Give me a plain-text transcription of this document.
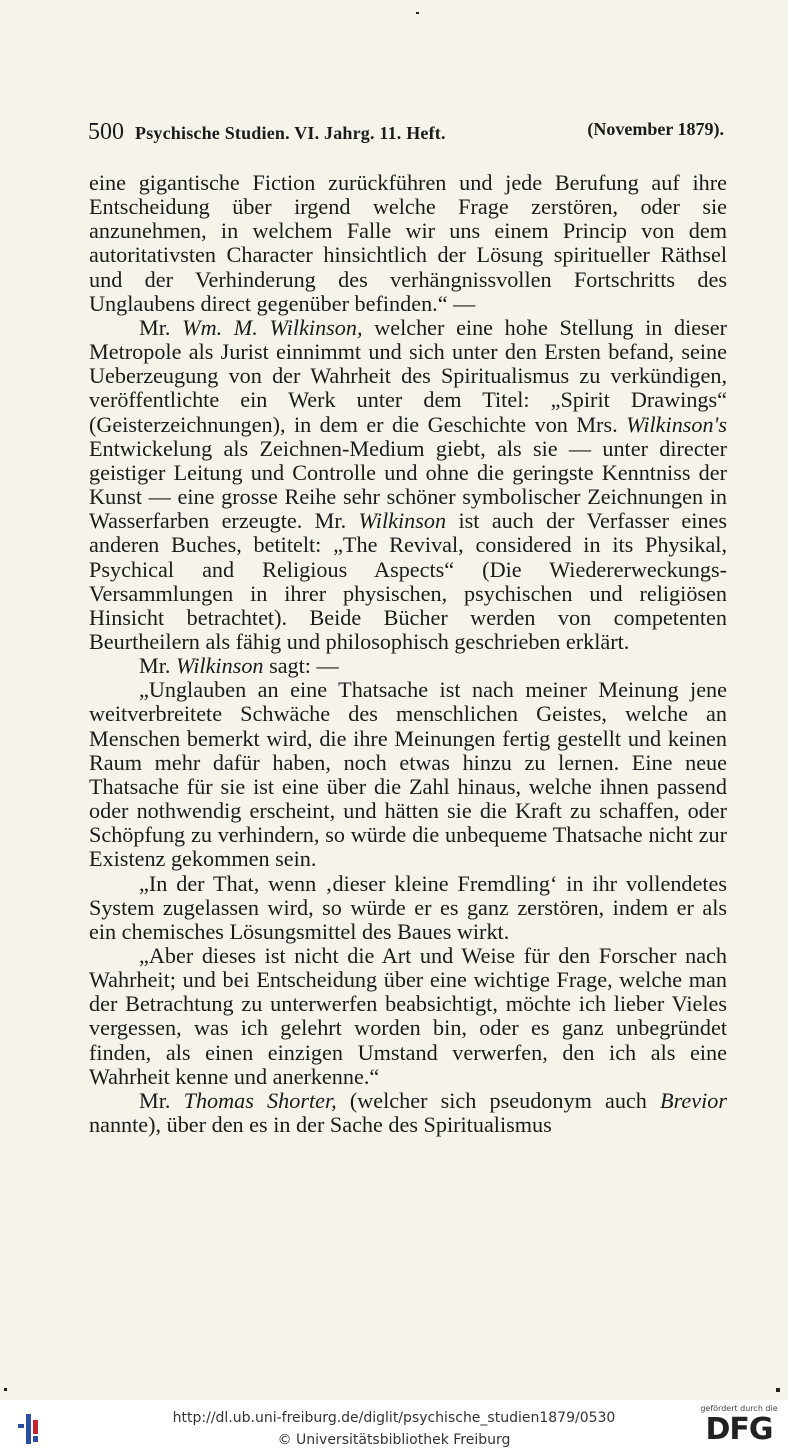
500 Psychische Studien. VI. Jahrg. 11. Heft.	(November 1879).

eine gigantische Fiction zurückführen und jede Berufung auf ihre Entscheidung über irgend welche Frage zerstören, oder sie anzunehmen, in welchem Falle wir uns einem Princip von dem autoritativsten Character hinsichtlich der Lösung spiritueller Räthsel und der Verhinderung des verhängnissvollen Fortschritts des Unglaubens direct gegenüber befinden.“ —

Mr. Wm. M. Wilkinson, welcher eine hohe Stellung in dieser Metropole als Jurist einnimmt und sich unter den Ersten befand, seine Ueberzeugung von der Wahrheit des Spiritualismus zu verkündigen, veröffentlichte ein Werk unter dem Titel: „Spirit Drawings“ (Geisterzeichnungen), in dem er die Geschichte von Mrs. Wilkinson's Entwickelung als Zeichnen-Medium giebt, als sie — unter directer geistiger Leitung und Controlle und ohne die geringste Kenntniss der Kunst — eine grosse Reihe sehr schöner symbolischer Zeichnungen in Wasserfarben erzeugte. Mr. Wilkinson ist auch der Verfasser eines anderen Buches, betitelt: „The Revival, considered in its Physikal, Psychical and Religious Aspects“ (Die Wiedererweckungs-Versammlungen in ihrer physischen, psychischen und religiösen Hinsicht betrachtet). Beide Bücher werden von competenten Beurtheilern als fähig und philosophisch geschrieben erklärt.

Mr. Wilkinson sagt: —

„Unglauben an eine Thatsache ist nach meiner Meinung jene weitverbreitete Schwäche des menschlichen Geistes, welche an Menschen bemerkt wird, die ihre Meinungen fertig gestellt und keinen Raum mehr dafür haben, noch etwas hinzu zu lernen. Eine neue Thatsache für sie ist eine über die Zahl hinaus, welche ihnen passend oder nothwendig erscheint, und hätten sie die Kraft zu schaffen, oder Schöpfung zu verhindern, so würde die unbequeme Thatsache nicht zur Existenz gekommen sein.

„In der That, wenn ‚dieser kleine Fremdling‘ in ihr vollendetes System zugelassen wird, so würde er es ganz zerstören, indem er als ein chemisches Lösungsmittel des Baues wirkt.

„Aber dieses ist nicht die Art und Weise für den Forscher nach Wahrheit; und bei Entscheidung über eine wichtige Frage, welche man der Betrachtung zu unterwerfen beabsichtigt, möchte ich lieber Vieles vergessen, was ich gelehrt worden bin, oder es ganz unbegründet finden, als einen einzigen Umstand verwerfen, den ich als eine Wahrheit kenne und anerkenne.“

Mr. Thomas Shorter, (welcher sich pseudonym auch Brevior nannte), über den es in der Sache des Spiritualismus

http://dl.ub.uni-freiburg.de/diglit/psychische_studien1879/0530
© Universitätsbibliothek Freiburg
gefördert durch die
DFG
